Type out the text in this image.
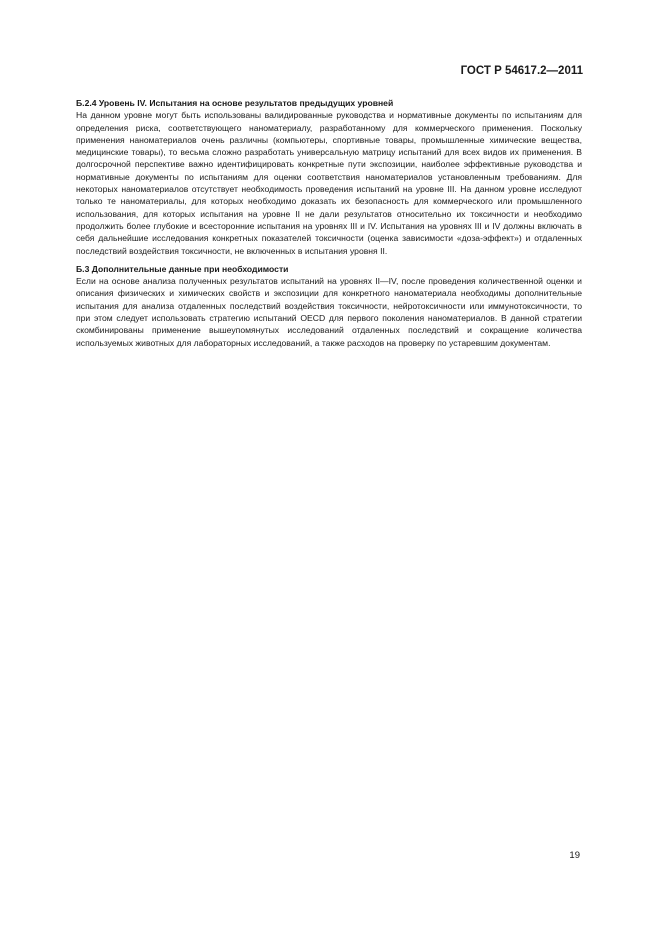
ГОСТ Р 54617.2—2011

Б.2.4 Уровень IV. Испытания на основе результатов предыдущих уровней

На данном уровне могут быть использованы валидированные руководства и нормативные документы по испытаниям для определения риска, соответствующего наноматериалу, разработанному для коммерческого применения. Поскольку применения наноматериалов очень различны (компьютеры, спортивные товары, промышленные химические вещества, медицинские товары), то весьма сложно разработать универсальную матрицу испытаний для всех видов их применения. В долгосрочной перспективе важно идентифицировать конкретные пути экспозиции, наиболее эффективные руководства и нормативные документы по испытаниям для оценки соответствия наноматериалов установленным требованиям. Для некоторых наноматериалов отсутствует необходимость проведения испытаний на уровне III. На данном уровне исследуют только те наноматериалы, для которых необходимо доказать их безопасность для коммерческого или промышленного использования, для которых испытания на уровне II не дали результатов относительно их токсичности и необходимо продолжить более глубокие и всесторонние испытания на уровнях III и IV. Испытания на уровнях III и IV должны включать в себя дальнейшие исследования конкретных показателей токсичности (оценка зависимости «доза-эффект») и отдаленных последствий воздействия токсичности, не включенных в испытания уровня II.

Б.3 Дополнительные данные при необходимости

Если на основе анализа полученных результатов испытаний на уровнях II—IV, после проведения количественной оценки и описания физических и химических свойств и экспозиции для конкретного наноматериала необходимы дополнительные испытания для анализа отдаленных последствий воздействия токсичности, нейротоксичности или иммунотоксичности, то при этом следует использовать стратегию испытаний OECD для первого поколения наноматериалов. В данной стратегии скомбинированы применение вышеупомянутых исследований отдаленных последствий и сокращение количества используемых животных для лабораторных исследований, а также расходов на проверку по устаревшим документам.

19
